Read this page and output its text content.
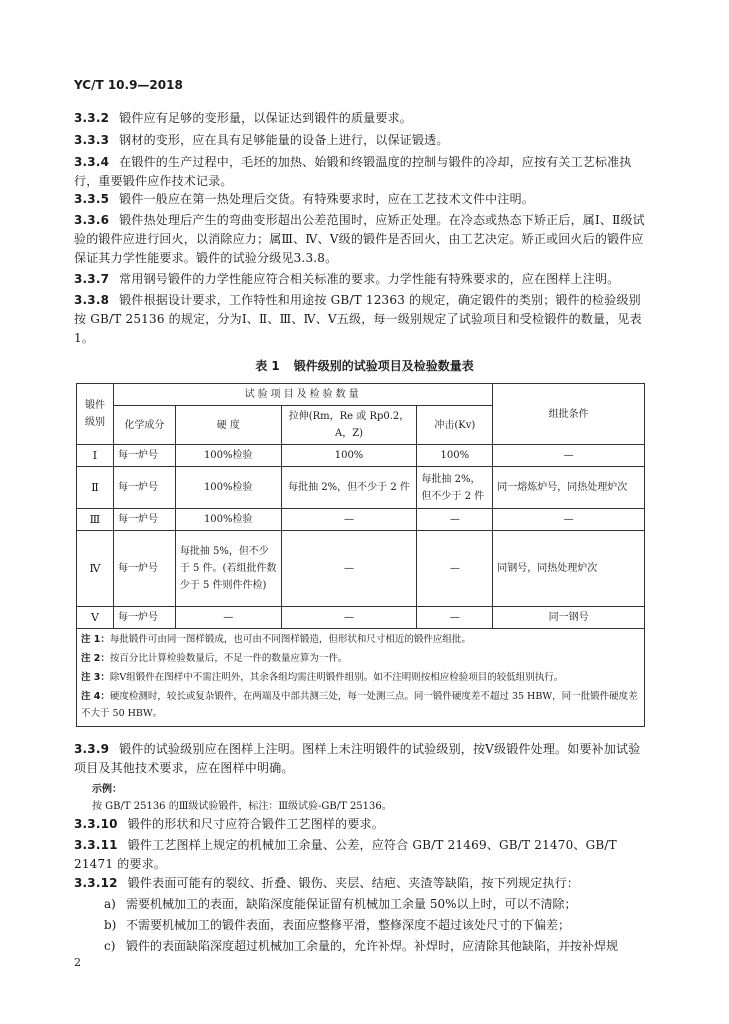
YC/T 10.9—2018
3.3.2 锻件应有足够的变形量，以保证达到锻件的质量要求。
3.3.3 钢材的变形，应在具有足够能量的设备上进行，以保证锻透。
3.3.4 在锻件的生产过程中，毛坯的加热、始锻和终锻温度的控制与锻件的冷却，应按有关工艺标准执行，重要锻件应作技术记录。
3.3.5 锻件一般应在第一热处理后交货。有特殊要求时，应在工艺技术文件中注明。
3.3.6 锻件热处理后产生的弯曲变形超出公差范围时，应矫正处理。在冷态或热态下矫正后，属Ⅰ、Ⅱ级试验的锻件应进行回火，以消除应力；属Ⅲ、Ⅳ、Ⅴ级的锻件是否回火，由工艺决定。矫正或回火后的锻件应保证其力学性能要求。锻件的试验分级见3.3.8。
3.3.7 常用钢号锻件的力学性能应符合相关标准的要求。力学性能有特殊要求的，应在图样上注明。
3.3.8 锻件根据设计要求，工作特性和用途按 GB/T 12363 的规定，确定锻件的类别；锻件的检验级别按 GB/T 25136 的规定，分为Ⅰ、Ⅱ、Ⅲ、Ⅳ、Ⅴ五级，每一级别规定了试验项目和受检锻件的数量，见表 1。
表 1 锻件级别的试验项目及检验数量表
锻件
级别	试验项目及检验数量				组批条件
	化学成分	硬 度	拉伸(Rm，Re 或 Rp0.2，A，Z)	冲击(Kv)	
Ⅰ	每一炉号	100%检验	100%	100%	—
Ⅱ	每一炉号	100%检验	每批抽 2%，但不少于 2 件	每批抽 2%，但不少于 2 件	同一熔炼炉号，同热处理炉次
Ⅲ	每一炉号	100%检验	—	—	—
Ⅳ	每一炉号	每批抽 5%，但不少于 5 件。(若组批件数少于 5 件则件件检)	—	—	同钢号，同热处理炉次
Ⅴ	每一炉号	—	—	—	同一钢号

注 1：每批锻件可由同一图样锻成，也可由不同图样锻造，但形状和尺寸相近的锻件应组批。
注 2：按百分比计算检验数量后，不足一件的数量应算为一件。
注 3：除Ⅴ组锻件在图样中不需注明外，其余各组均需注明锻件组别。如不注明则按相应检验项目的较低组别执行。
注 4：硬度检测时，较长或复杂锻件，在两端及中部共测三处，每一处测三点。同一锻件硬度差不超过 35 HBW，同一批锻件硬度差不大于 50 HBW。					
3.3.9 锻件的试验级别应在图样上注明。图样上未注明锻件的试验级别，按Ⅴ级锻件处理。如要补加试验项目及其他技术要求，应在图样中明确。
示例：
按 GB/T 25136 的Ⅲ级试验锻件，标注：Ⅲ级试验-GB/T 25136。
3.3.10 锻件的形状和尺寸应符合锻件工艺图样的要求。
3.3.11 锻件工艺图样上规定的机械加工余量、公差，应符合 GB/T 21469、GB/T 21470、GB/T 21471 的要求。
3.3.12 锻件表面可能有的裂纹、折叠、锻伤、夹层、结疤、夹渣等缺陷，按下列规定执行：
a) 需要机械加工的表面，缺陷深度能保证留有机械加工余量 50%以上时，可以不清除；
b) 不需要机械加工的锻件表面，表面应整修平滑，整修深度不超过该处尺寸的下偏差；
c) 锻件的表面缺陷深度超过机械加工余量的，允许补焊。补焊时，应清除其他缺陷，并按补焊规
2
